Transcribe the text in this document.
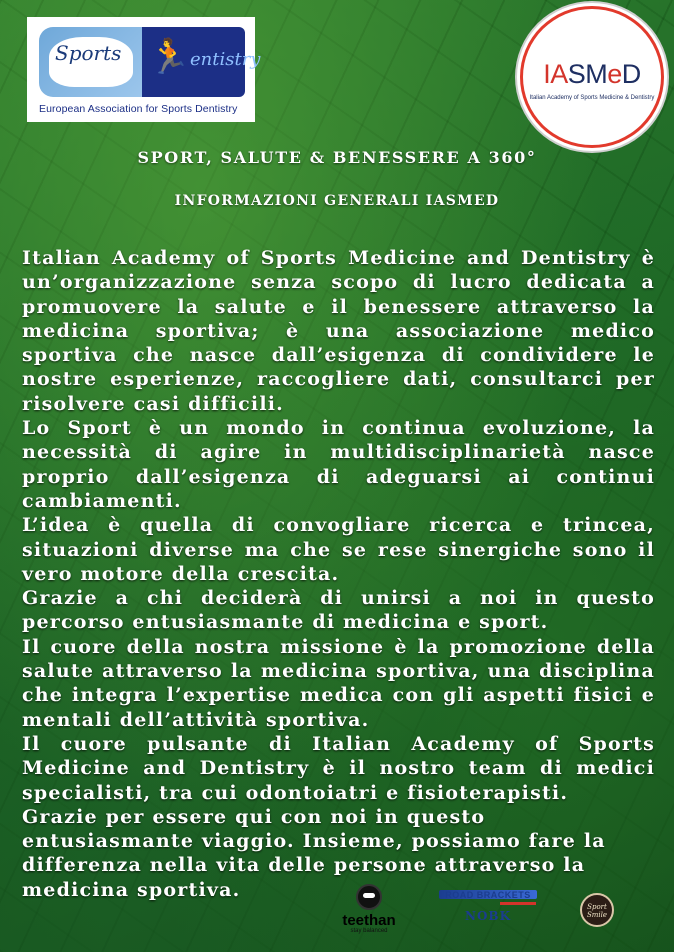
Sports 🏃 entistry
European Association for Sports Dentistry
IASMeD
Italian Academy of Sports Medicine & Dentistry
SPORT, SALUTE & BENESSERE A 360°
INFORMAZIONI GENERALI IASMED

Italian Academy of Sports Medicine and Dentistry è un’organizzazione senza scopo di lucro dedicata a promuovere la salute e il benessere attraverso la medicina sportiva; è una associazione medico sportiva che nasce dall’esigenza di condividere le nostre esperienze, raccogliere dati, consultarci per risolvere casi difficili.

Lo Sport è un mondo in continua evoluzione, la necessità di agire in multidisciplinarietà nasce proprio dall’esigenza di adeguarsi ai continui cambiamenti.

L’idea è quella di convogliare ricerca e trincea, situazioni diverse ma che se rese sinergiche sono il vero motore della crescita.

Grazie a chi deciderà di unirsi a noi in questo percorso entusiasmante di medicina e sport.

Il cuore della nostra missione è la promozione della salute attraverso la medicina sportiva, una disciplina che integra l’expertise medica con gli aspetti fisici e mentali dell’attività sportiva.

Il cuore pulsante di Italian Academy of Sports Medicine and Dentistry è il nostro team di medici specialisti, tra cui odontoiatri e fisioterapisti.

Grazie per essere qui con noi in questo entusiasmante viaggio. Insieme, possiamo fare la differenza nella vita delle persone attraverso la medicina sportiva.

teethan
stay balanced
ROAD BRACKETS
NOBK
Sport Smile
